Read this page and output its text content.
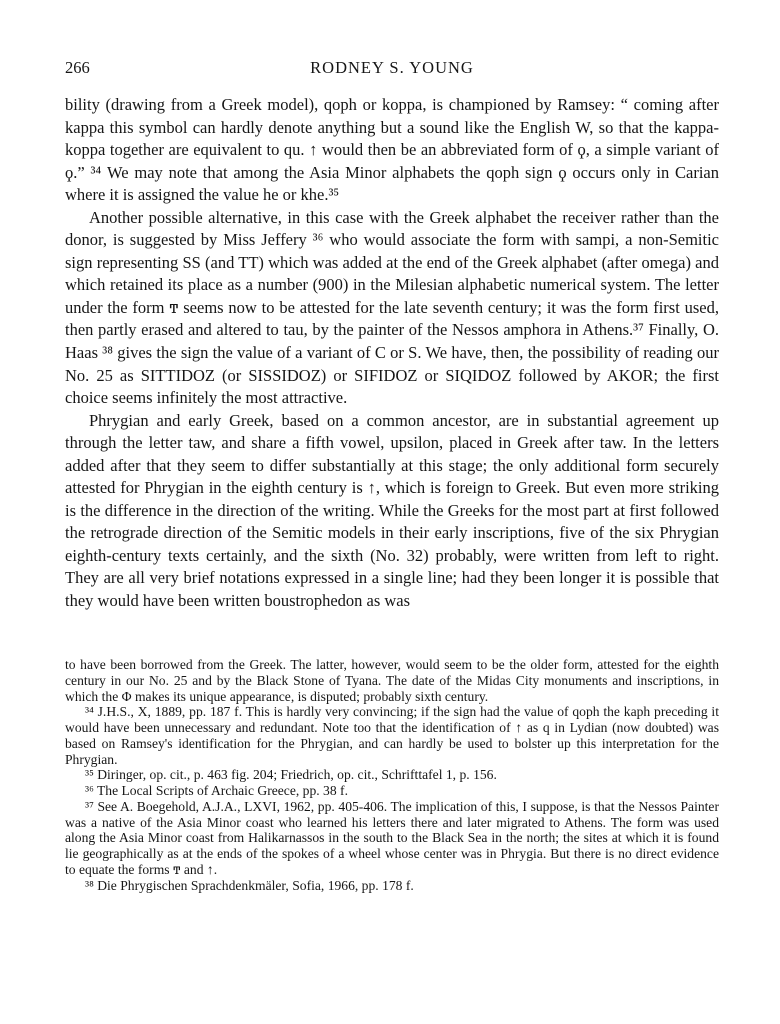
266	RODNEY S. YOUNG

bility (drawing from a Greek model), qoph or koppa, is championed by Ramsey: “ coming after kappa this symbol can hardly denote anything but a sound like the English W, so that the kappa-koppa together are equivalent to qu. ↑ would then be an abbreviated form of ϙ, a simple variant of ϙ.” ³⁴ We may note that among the Asia Minor alphabets the qoph sign ϙ occurs only in Carian where it is assigned the value he or khe.³⁵

Another possible alternative, in this case with the Greek alphabet the receiver rather than the donor, is suggested by Miss Jeffery ³⁶ who would associate the form with sampi, a non-Semitic sign representing SS (and TT) which was added at the end of the Greek alphabet (after omega) and which retained its place as a number (900) in the Milesian alphabetic numerical system. The letter under the form ͳ seems now to be attested for the late seventh century; it was the form first used, then partly erased and altered to tau, by the painter of the Nessos amphora in Athens.³⁷ Finally, O. Haas ³⁸ gives the sign the value of a variant of C or S. We have, then, the possibility of reading our No. 25 as SITTIDOZ (or SISSIDOZ) or SIFIDOZ or SIQIDOZ followed by AKOR; the first choice seems infinitely the most attractive.

Phrygian and early Greek, based on a common ancestor, are in substantial agreement up through the letter taw, and share a fifth vowel, upsilon, placed in Greek after taw. In the letters added after that they seem to differ substantially at this stage; the only additional form securely attested for Phrygian in the eighth century is ↑, which is foreign to Greek. But even more striking is the difference in the direction of the writing. While the Greeks for the most part at first followed the retrograde direction of the Semitic models in their early inscriptions, five of the six Phrygian eighth-century texts certainly, and the sixth (No. 32) probably, were written from left to right. They are all very brief notations expressed in a single line; had they been longer it is possible that they would have been written boustrophedon as was

to have been borrowed from the Greek. The latter, however, would seem to be the older form, attested for the eighth century in our No. 25 and by the Black Stone of Tyana. The date of the Midas City monuments and inscriptions, in which the Φ makes its unique appearance, is disputed; probably sixth century.

³⁴ J.H.S., X, 1889, pp. 187 f. This is hardly very convincing; if the sign had the value of qoph the kaph preceding it would have been unnecessary and redundant. Note too that the identification of ↑ as q in Lydian (now doubted) was based on Ramsey's identification for the Phrygian, and can hardly be used to bolster up this interpretation for the Phrygian.

³⁵ Diringer, op. cit., p. 463 fig. 204; Friedrich, op. cit., Schrifttafel 1, p. 156.

³⁶ The Local Scripts of Archaic Greece, pp. 38 f.

³⁷ See A. Boegehold, A.J.A., LXVI, 1962, pp. 405-406. The implication of this, I suppose, is that the Nessos Painter was a native of the Asia Minor coast who learned his letters there and later migrated to Athens. The form was used along the Asia Minor coast from Halikarnassos in the south to the Black Sea in the north; the sites at which it is found lie geographically as at the ends of the spokes of a wheel whose center was in Phrygia. But there is no direct evidence to equate the forms ͳ and ↑.

³⁸ Die Phrygischen Sprachdenkmäler, Sofia, 1966, pp. 178 f.
